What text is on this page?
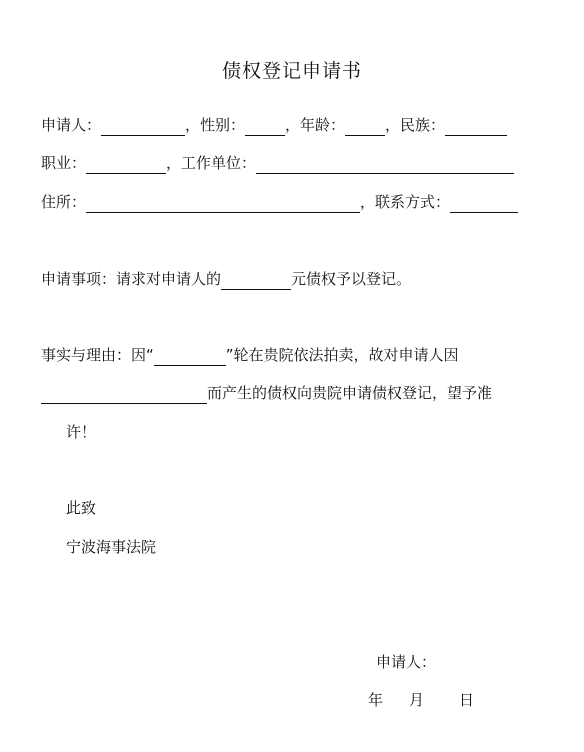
债权登记申请书
申请人：	，性别：	，年龄：	，民族：
职业：	，工作单位：
住所：	，联系方式：
申请事项：请求对申请人的	元债权予以登记。
事实与理由：因“	”轮在贵院依法拍卖，故对申请人因
而产生的债权向贵院申请债权登记，望予准
许！
此致
宁波海事法院
申请人：
年 月 日
